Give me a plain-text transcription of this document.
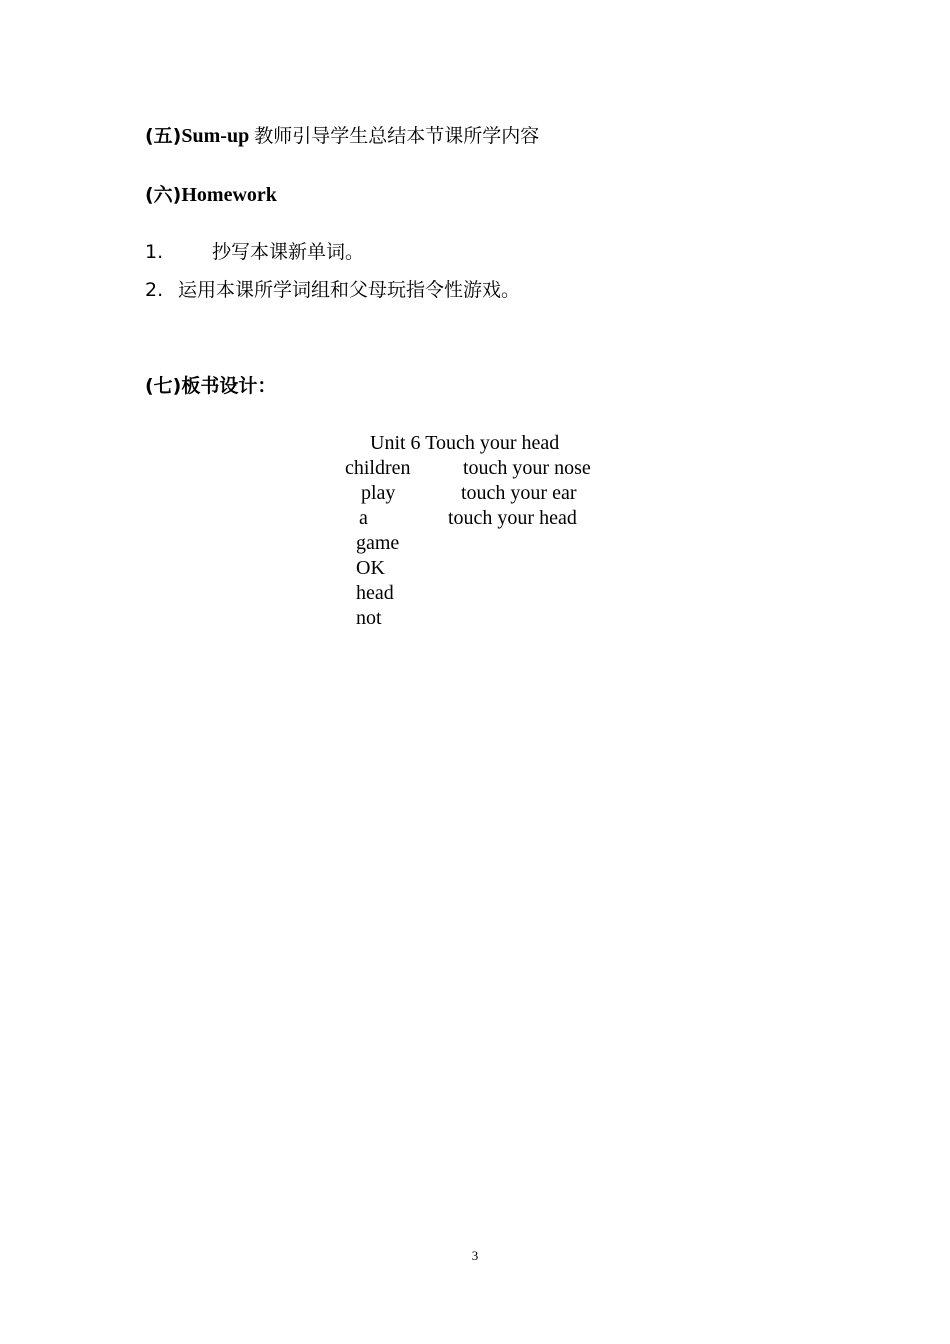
(五)Sum-up 教师引导学生总结本节课所学内容
(六)Homework
1.	抄写本课新单词。
2. 运用本课所学词组和父母玩指令性游戏。
(七)板书设计：
Unit 6 Touch your head
children
play
a
game
OK
head
not
touch your nose
touch your ear
touch your head
3
